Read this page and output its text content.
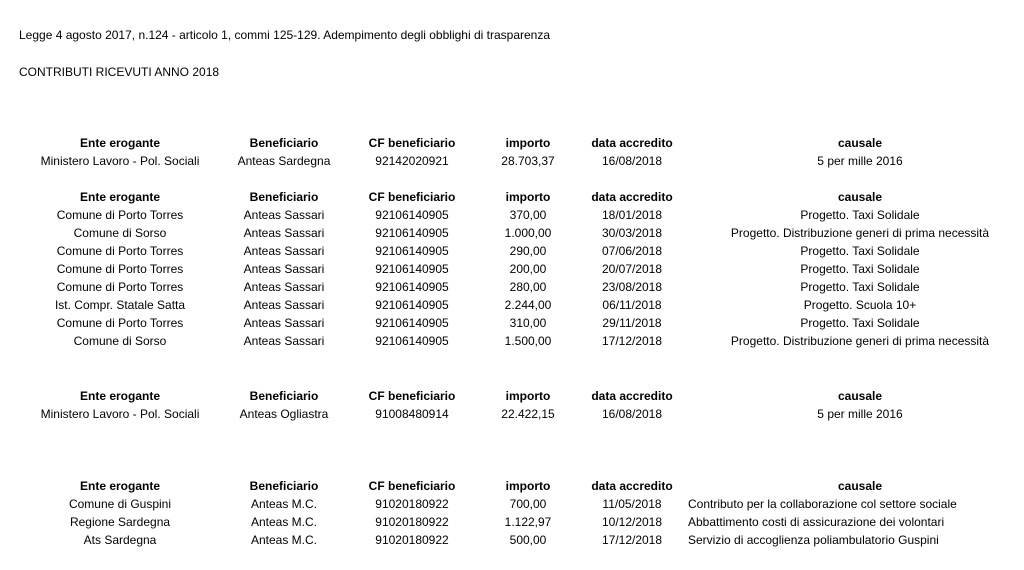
Legge 4 agosto 2017, n.124 - articolo 1, commi 125-129. Adempimento degli obblighi di trasparenza
CONTRIBUTI RICEVUTI ANNO 2018
Ente erogante	Beneficiario	CF beneficiario	importo	data accredito	causale
Ministero Lavoro - Pol. Sociali	Anteas Sardegna	92142020921	28.703,37	16/08/2018	5 per mille 2016
Ente erogante	Beneficiario	CF beneficiario	importo	data accredito	causale
Comune di Porto Torres	Anteas Sassari	92106140905	370,00	18/01/2018	Progetto. Taxi Solidale
Comune di Sorso	Anteas Sassari	92106140905	1.000,00	30/03/2018	Progetto. Distribuzione generi di prima necessità
Comune di Porto Torres	Anteas Sassari	92106140905	290,00	07/06/2018	Progetto. Taxi Solidale
Comune di Porto Torres	Anteas Sassari	92106140905	200,00	20/07/2018	Progetto. Taxi Solidale
Comune di Porto Torres	Anteas Sassari	92106140905	280,00	23/08/2018	Progetto. Taxi Solidale
Ist. Compr. Statale Satta	Anteas Sassari	92106140905	2.244,00	06/11/2018	Progetto. Scuola 10+
Comune di Porto Torres	Anteas Sassari	92106140905	310,00	29/11/2018	Progetto. Taxi Solidale
Comune di Sorso	Anteas Sassari	92106140905	1.500,00	17/12/2018	Progetto. Distribuzione generi di prima necessità
Ente erogante	Beneficiario	CF beneficiario	importo	data accredito	causale
Ministero Lavoro - Pol. Sociali	Anteas Ogliastra	91008480914	22.422,15	16/08/2018	5 per mille 2016
Ente erogante	Beneficiario	CF beneficiario	importo	data accredito	causale
Comune di Guspini	Anteas M.C.	91020180922	700,00	11/05/2018 Contributo per la collaborazione col settore sociale
Regione Sardegna	Anteas M.C.	91020180922	1.122,97	10/12/2018 Abbattimento costi di assicurazione dei volontari
Ats Sardegna	Anteas M.C.	91020180922	500,00	17/12/2018 Servizio di accoglienza poliambulatorio Guspini
